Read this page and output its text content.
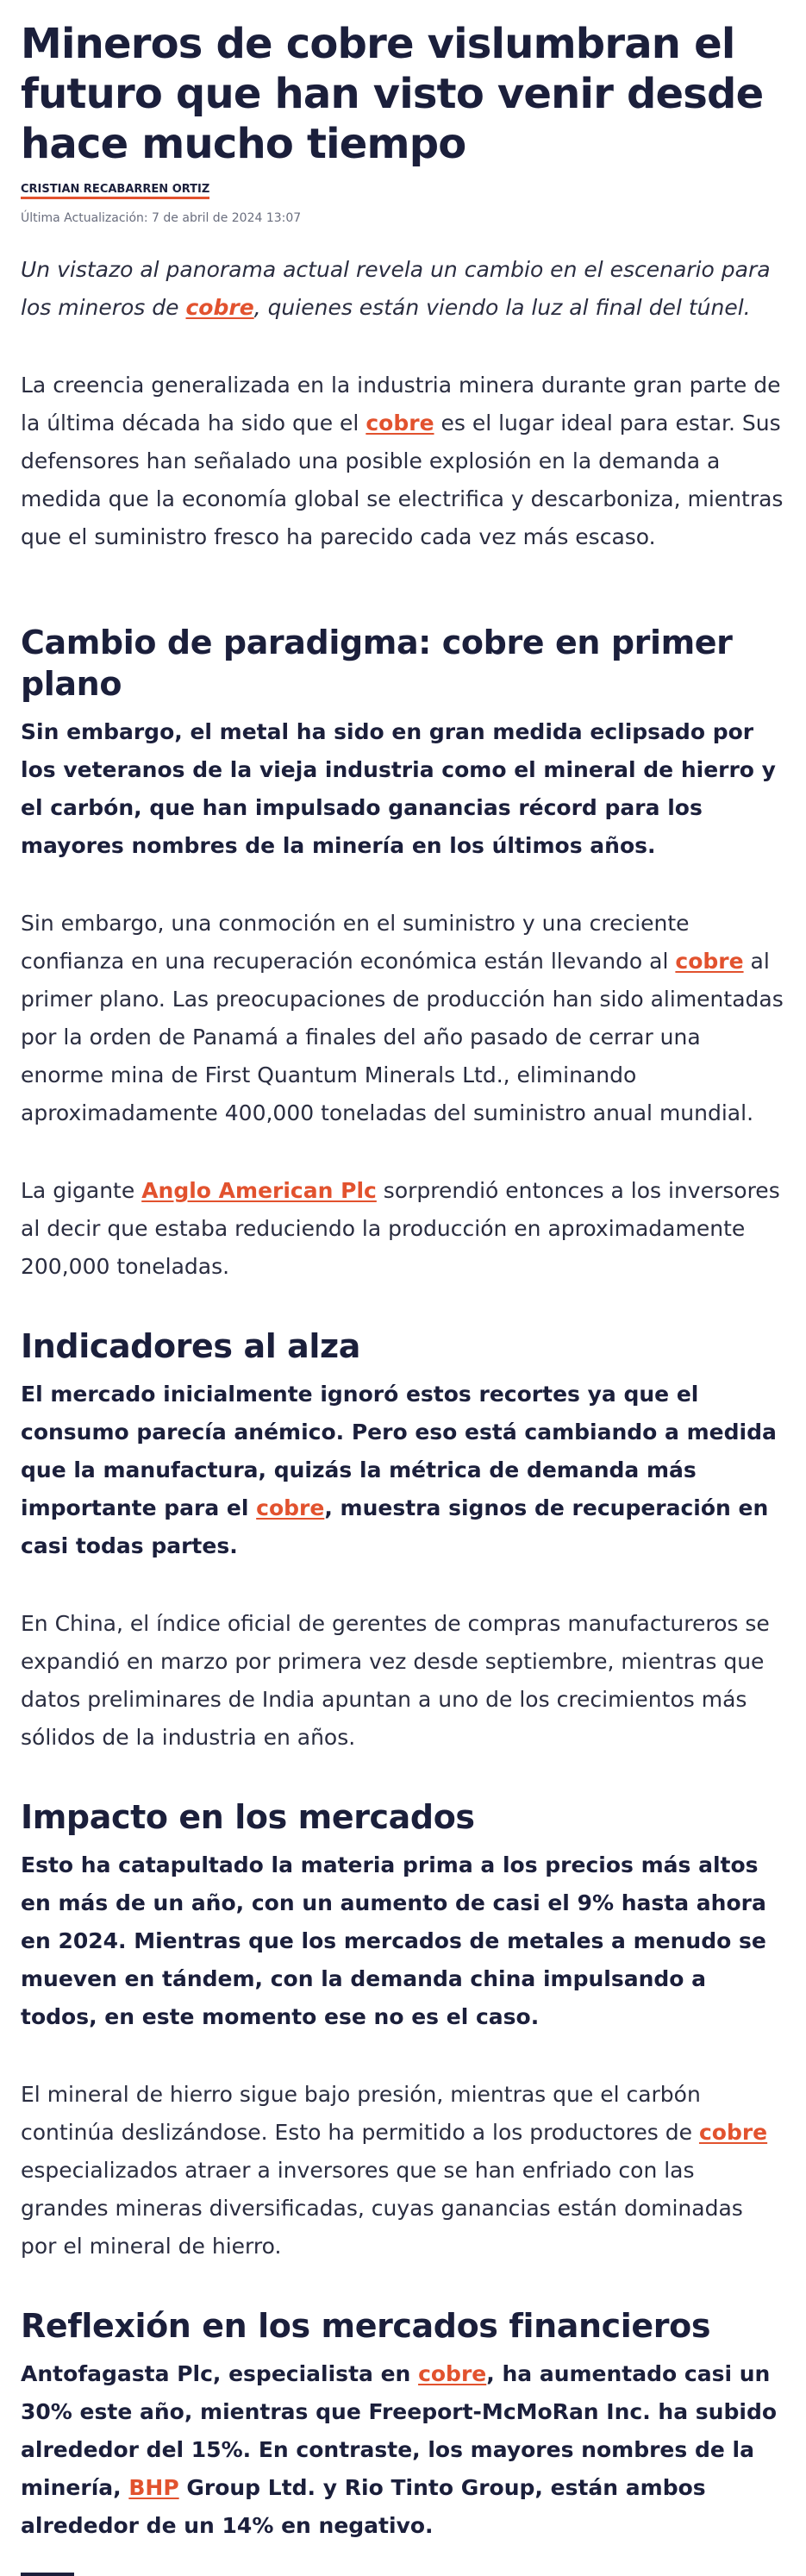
Mineros de cobre vislumbran el futuro que han visto venir desde hace mucho tiempo
CRISTIAN RECABARREN ORTIZ
Última Actualización: 7 de abril de 2024 13:07

Un vistazo al panorama actual revela un cambio en el escenario para los mineros de cobre, quienes están viendo la luz al final del túnel.

La creencia generalizada en la industria minera durante gran parte de la última década ha sido que el cobre es el lugar ideal para estar. Sus defensores han señalado una posible explosión en la demanda a medida que la economía global se electrifica y descarboniza, mientras que el suministro fresco ha parecido cada vez más escaso.

Cambio de paradigma: cobre en primer plano

Sin embargo, el metal ha sido en gran medida eclipsado por los veteranos de la vieja industria como el mineral de hierro y el carbón, que han impulsado ganancias récord para los mayores nombres de la minería en los últimos años.

Sin embargo, una conmoción en el suministro y una creciente confianza en una recuperación económica están llevando al cobre al primer plano. Las preocupaciones de producción han sido alimentadas por la orden de Panamá a finales del año pasado de cerrar una enorme mina de First Quantum Minerals Ltd., eliminando aproximadamente 400,000 toneladas del suministro anual mundial.

La gigante Anglo American Plc sorprendió entonces a los inversores al decir que estaba reduciendo la producción en aproximadamente 200,000 toneladas.

Indicadores al alza

El mercado inicialmente ignoró estos recortes ya que el consumo parecía anémico. Pero eso está cambiando a medida que la manufactura, quizás la métrica de demanda más importante para el cobre, muestra signos de recuperación en casi todas partes.

En China, el índice oficial de gerentes de compras manufactureros se expandió en marzo por primera vez desde septiembre, mientras que datos preliminares de India apuntan a uno de los crecimientos más sólidos de la industria en años.

Impacto en los mercados

Esto ha catapultado la materia prima a los precios más altos en más de un año, con un aumento de casi el 9% hasta ahora en 2024. Mientras que los mercados de metales a menudo se mueven en tándem, con la demanda china impulsando a todos, en este momento ese no es el caso.

El mineral de hierro sigue bajo presión, mientras que el carbón continúa deslizándose. Esto ha permitido a los productores de cobre especializados atraer a inversores que se han enfriado con las grandes mineras diversificadas, cuyas ganancias están dominadas por el mineral de hierro.

Reflexión en los mercados financieros

Antofagasta Plc, especialista en cobre, ha aumentado casi un 30% este año, mientras que Freeport-McMoRan Inc. ha subido alrededor del 15%. En contraste, los mayores nombres de la minería, BHP Group Ltd. y Rio Tinto Group, están ambos alrededor de un 14% en negativo.
